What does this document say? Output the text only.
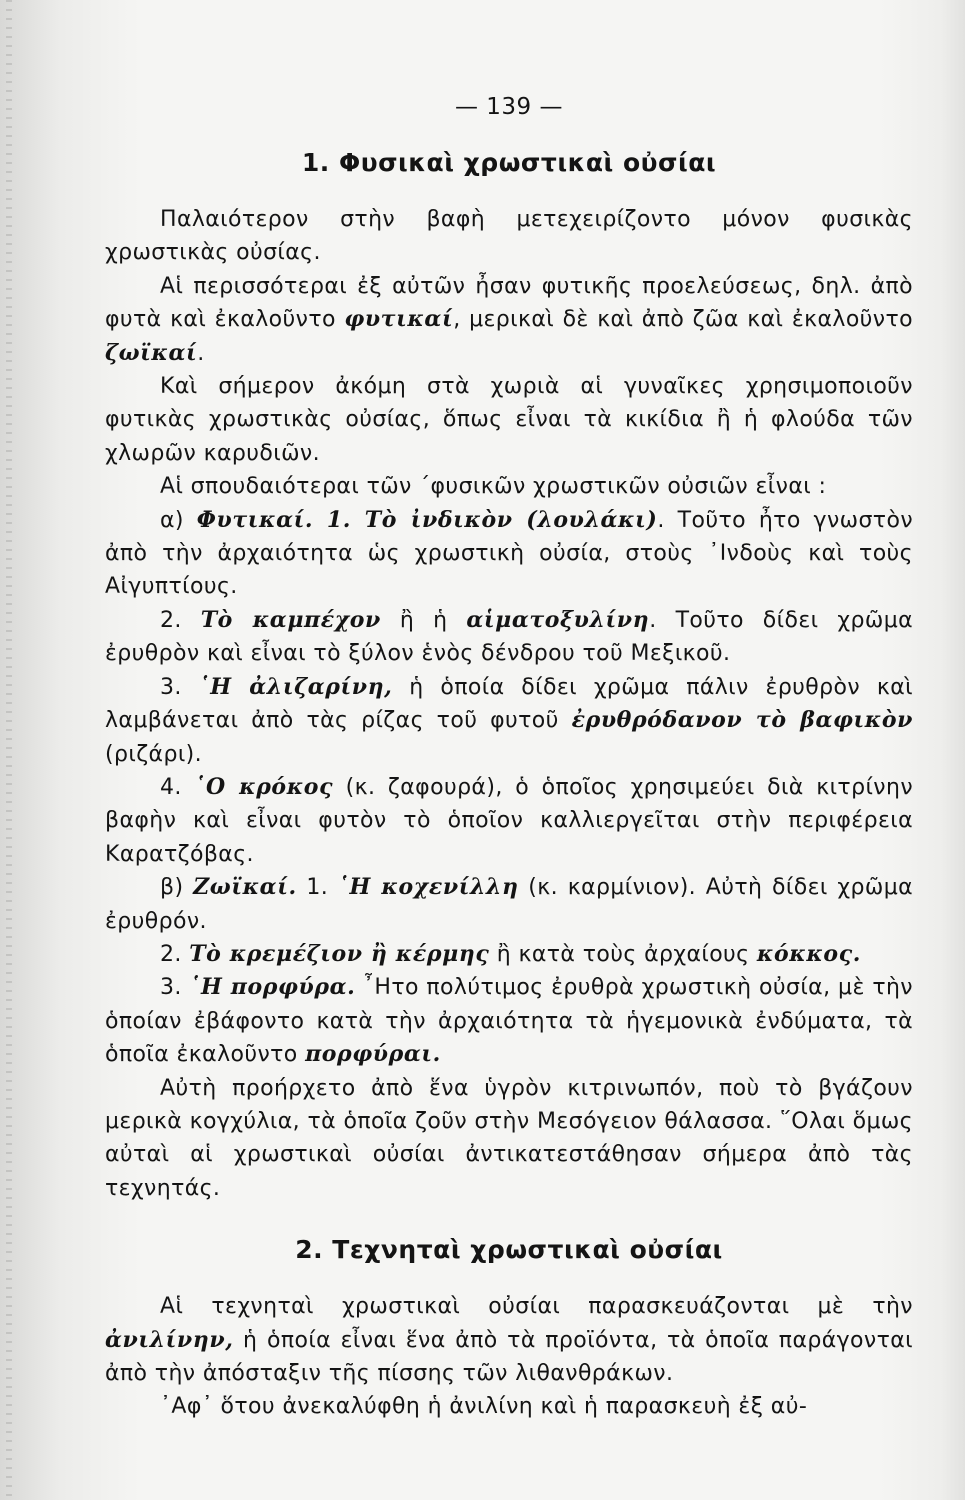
— 139 —
1. Φυσικαὶ χρωστικαὶ οὐσίαι

Παλαιότερον στὴν βαφὴ μετεχειρίζοντο μόνον φυσικὰς χρωστικὰς οὐσίας.

Αἱ περισσότεραι ἐξ αὐτῶν ἦσαν φυτικῆς προελεύσεως, δηλ. ἀπὸ φυτὰ καὶ ἐκαλοῦντο φυτικαί, μερικαὶ δὲ καὶ ἀπὸ ζῶα καὶ ἐκαλοῦντο ζωϊκαί.

Καὶ σήμερον ἀκόμη στὰ χωριὰ αἱ γυναῖκες χρησιμοποιοῦν φυτικὰς χρωστικὰς οὐσίας, ὅπως εἶναι τὰ κικίδια ἢ ἡ φλούδα τῶν χλωρῶν καρυδιῶν.

Αἱ σπουδαιότεραι τῶν ˊφυσικῶν χρωστικῶν οὐσιῶν εἶναι :

α) Φυτικαί. 1. Τὸ ἰνδικὸν (λουλάκι). Τοῦτο ἦτο γνωστὸν ἀπὸ τὴν ἀρχαιότητα ὡς χρωστικὴ οὐσία, στοὺς ᾿Ινδοὺς καὶ τοὺς Αἰγυπτίους.

2. Τὸ καμπέχον ἢ ἡ αἱματοξυλίνη. Τοῦτο δίδει χρῶμα ἐρυθρὸν καὶ εἶναι τὸ ξύλον ἑνὸς δένδρου τοῦ Μεξικοῦ.

3. ῾Η ἀλιζαρίνη, ἡ ὁποία δίδει χρῶμα πάλιν ἐρυθρὸν καὶ λαμβάνεται ἀπὸ τὰς ρίζας τοῦ φυτοῦ ἐρυθρόδανον τὸ βαφικὸν (ριζάρι).

4. ῾Ο κρόκος (κ. ζαφουρά), ὁ ὁποῖος χρησιμεύει διὰ κιτρίνην βαφὴν καὶ εἶναι φυτὸν τὸ ὁποῖον καλλιεργεῖται στὴν περιφέρεια Καρατζόβας.

β) Ζωϊκαί. 1. ῾Η κοχενίλλη (κ. καρμίνιον). Αὐτὴ δίδει χρῶμα ἐρυθρόν.

2. Τὸ κρεμέζιον ἢ κέρμης ἢ κατὰ τοὺς ἀρχαίους κόκκος.

3. ῾Η πορφύρα. ῏Ητο πολύτιμος ἐρυθρὰ χρωστικὴ οὐσία, μὲ τὴν ὁποίαν ἐβάφοντο κατὰ τὴν ἀρχαιότητα τὰ ἡγεμονικὰ ἐνδύματα, τὰ ὁποῖα ἐκαλοῦντο πορφύραι.

Αὐτὴ προήρχετο ἀπὸ ἕνα ὑγρὸν κιτρινωπόν, ποὺ τὸ βγάζουν μερικὰ κογχύλια, τὰ ὁποῖα ζοῦν στὴν Μεσόγειον θάλασσα. ῞Ολαι ὅμως αὐταὶ αἱ χρωστικαὶ οὐσίαι ἀντικατεστάθησαν σήμερα ἀπὸ τὰς τεχνητάς.

2. Τεχνηταὶ χρωστικαὶ οὐσίαι

Αἱ τεχνηταὶ χρωστικαὶ οὐσίαι παρασκευάζονται μὲ τὴν ἀνιλίνην, ἡ ὁποία εἶναι ἕνα ἀπὸ τὰ προϊόντα, τὰ ὁποῖα παράγονται ἀπὸ τὴν ἀπόσταξιν τῆς πίσσης τῶν λιθανθράκων.

᾿Αφ᾿ ὅτου ἀνεκαλύφθη ἡ ἀνιλίνη καὶ ἡ παρασκευὴ ἐξ αὐ-
